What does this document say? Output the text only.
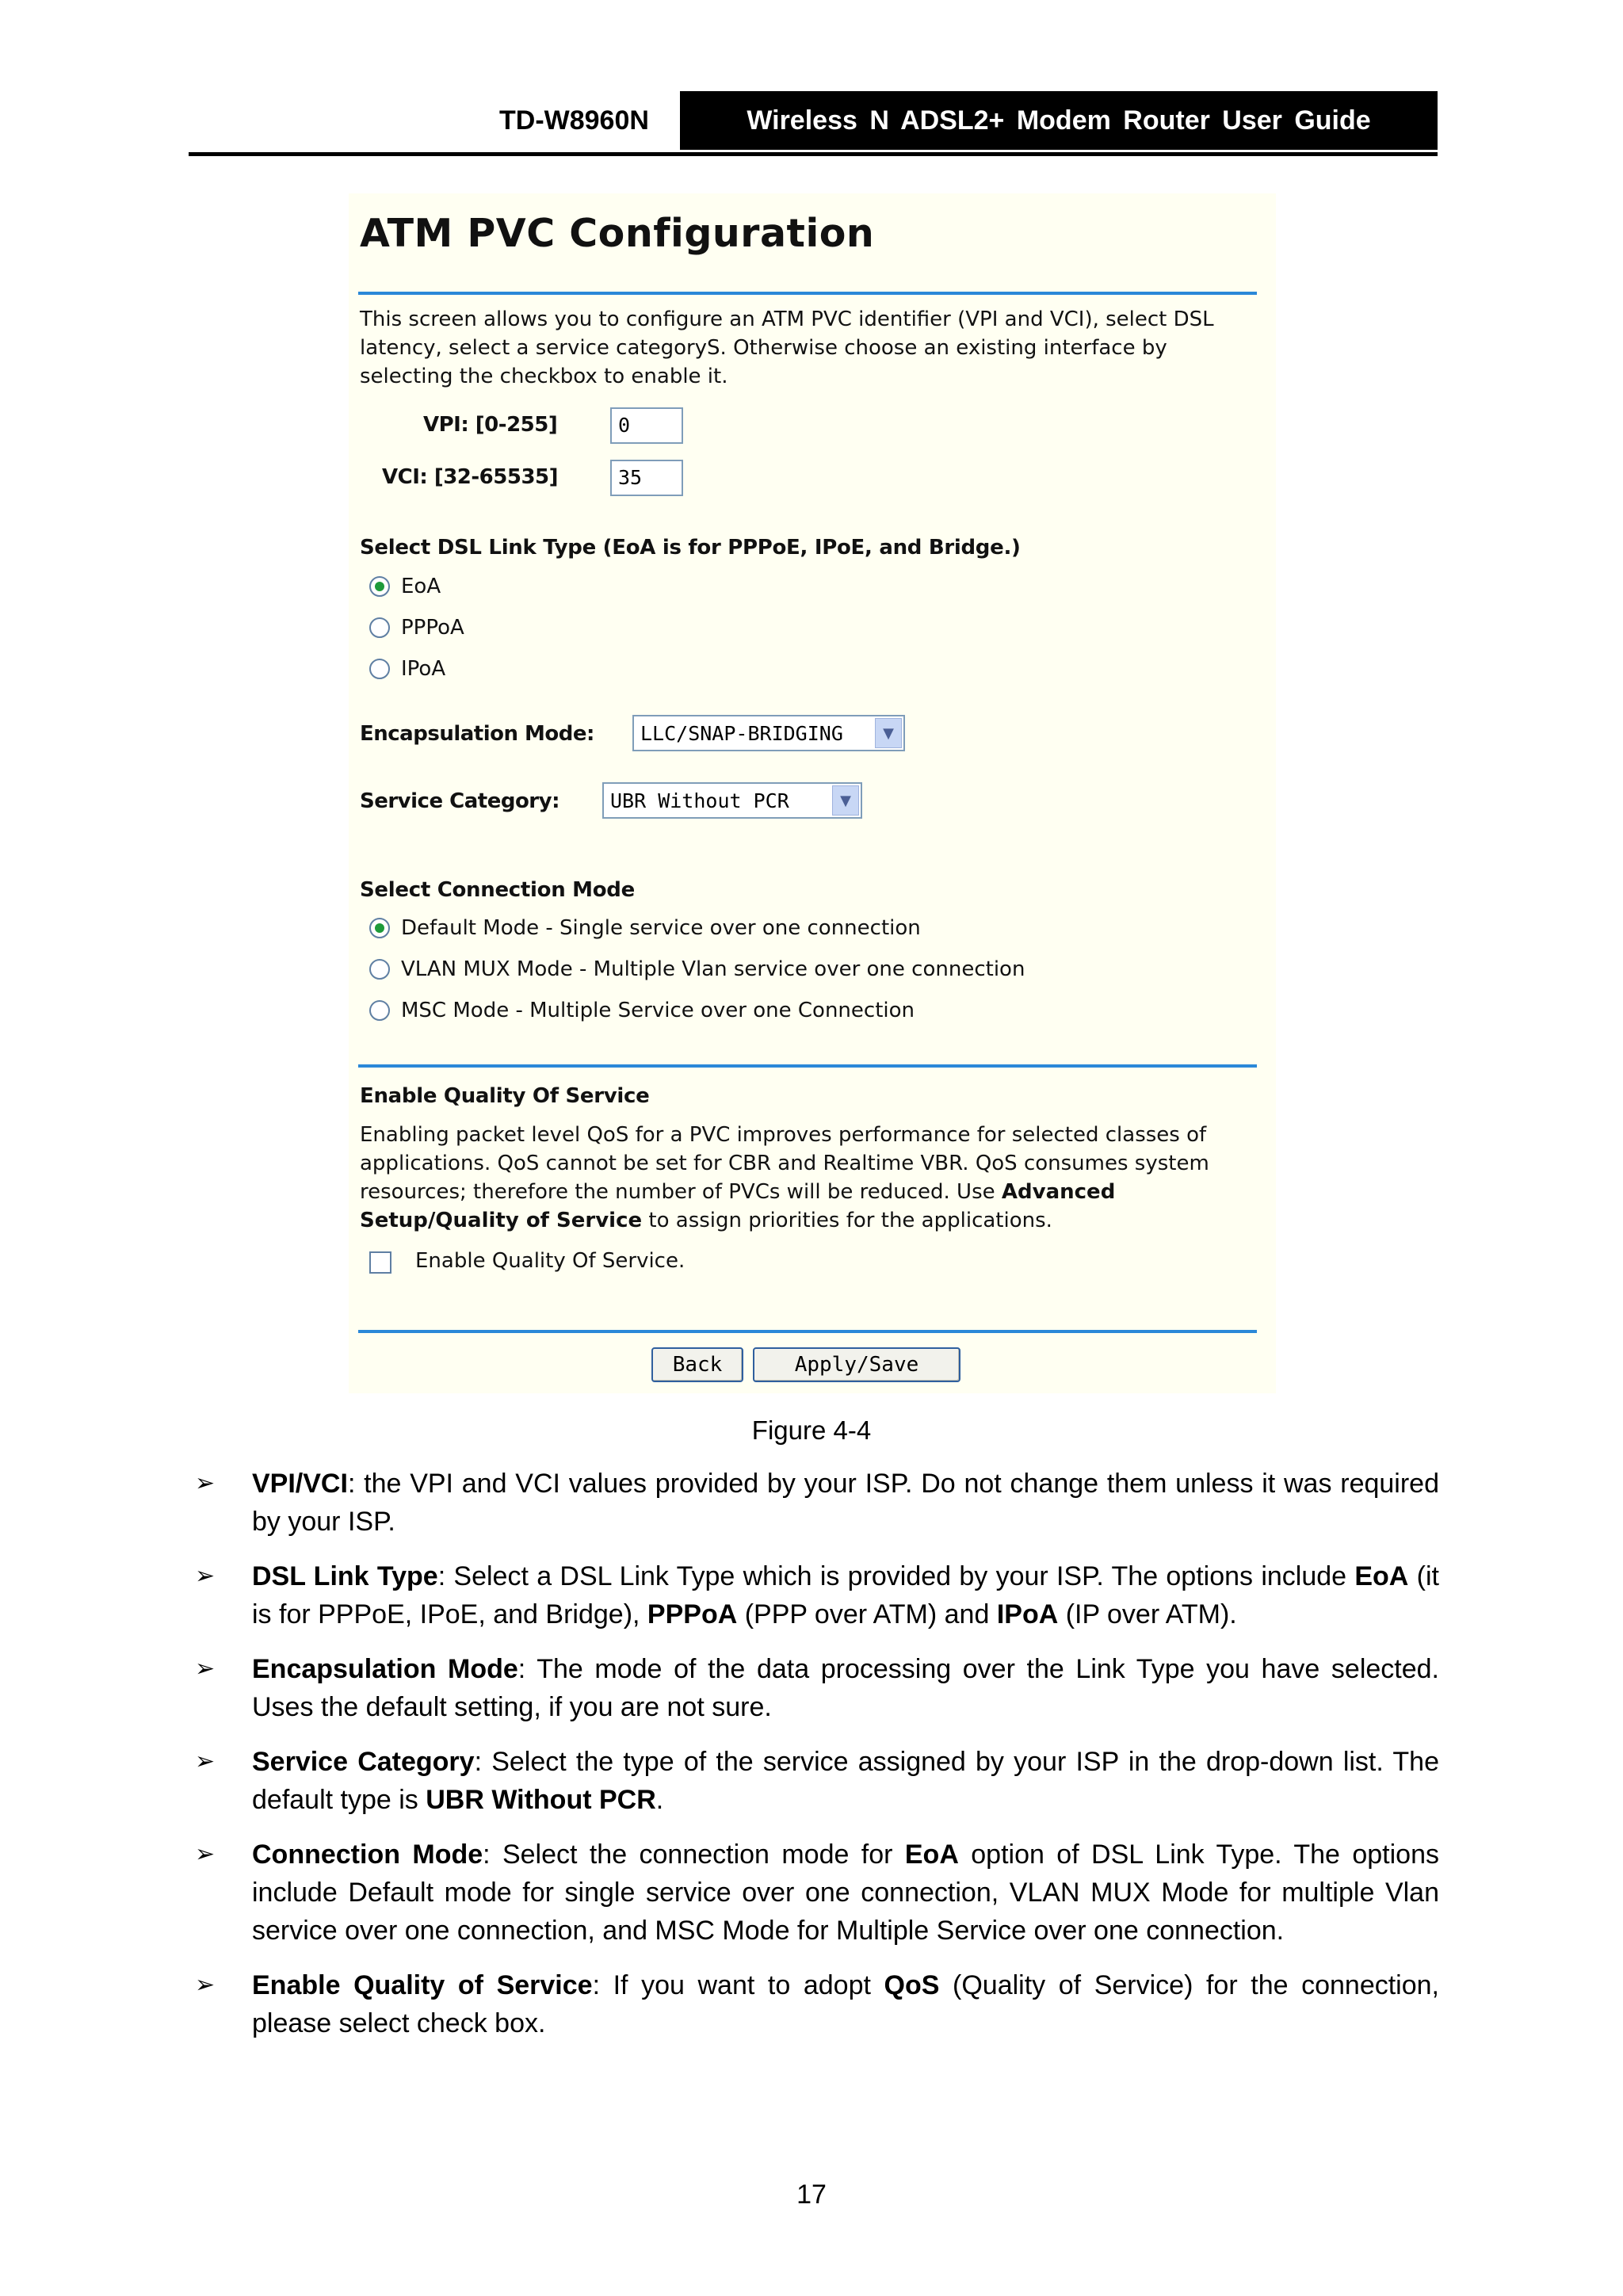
TD-W8960N	Wireless N ADSL2+ Modem Router User Guide
ATM PVC Configuration
This screen allows you to configure an ATM PVC identifier (VPI and VCI), select DSL latency, select a service categoryS. Otherwise choose an existing interface by selecting the checkbox to enable it.
VPI: [0-255]	0
VCI: [32-65535]	35
Select DSL Link Type (EoA is for PPPoE, IPoE, and Bridge.)
EoA
PPPoA
IPoA
Encapsulation Mode:	LLC/SNAP-BRIDGING	▼
Service Category:	UBR Without PCR	▼
Select Connection Mode
Default Mode - Single service over one connection
VLAN MUX Mode - Multiple Vlan service over one connection
MSC Mode - Multiple Service over one Connection
Enable Quality Of Service
Enabling packet level QoS for a PVC improves performance for selected classes of applications. QoS cannot be set for CBR and Realtime VBR. QoS consumes system resources; therefore the number of PVCs will be reduced. Use Advanced Setup/Quality of Service to assign priorities for the applications.
Enable Quality Of Service.
Back	Apply/Save
Figure 4-4
➢ VPI/VCI: the VPI and VCI values provided by your ISP. Do not change them unless it was required by your ISP.
➢ DSL Link Type: Select a DSL Link Type which is provided by your ISP. The options include EoA (it is for PPPoE, IPoE, and Bridge), PPPoA (PPP over ATM) and IPoA (IP over ATM).
➢ Encapsulation Mode: The mode of the data processing over the Link Type you have selected. Uses the default setting, if you are not sure.
➢ Service Category: Select the type of the service assigned by your ISP in the drop-down list. The default type is UBR Without PCR.
➢ Connection Mode: Select the connection mode for EoA option of DSL Link Type. The options include Default mode for single service over one connection, VLAN MUX Mode for multiple Vlan service over one connection, and MSC Mode for Multiple Service over one connection.
➢ Enable Quality of Service: If you want to adopt QoS (Quality of Service) for the connection, please select check box.
17
